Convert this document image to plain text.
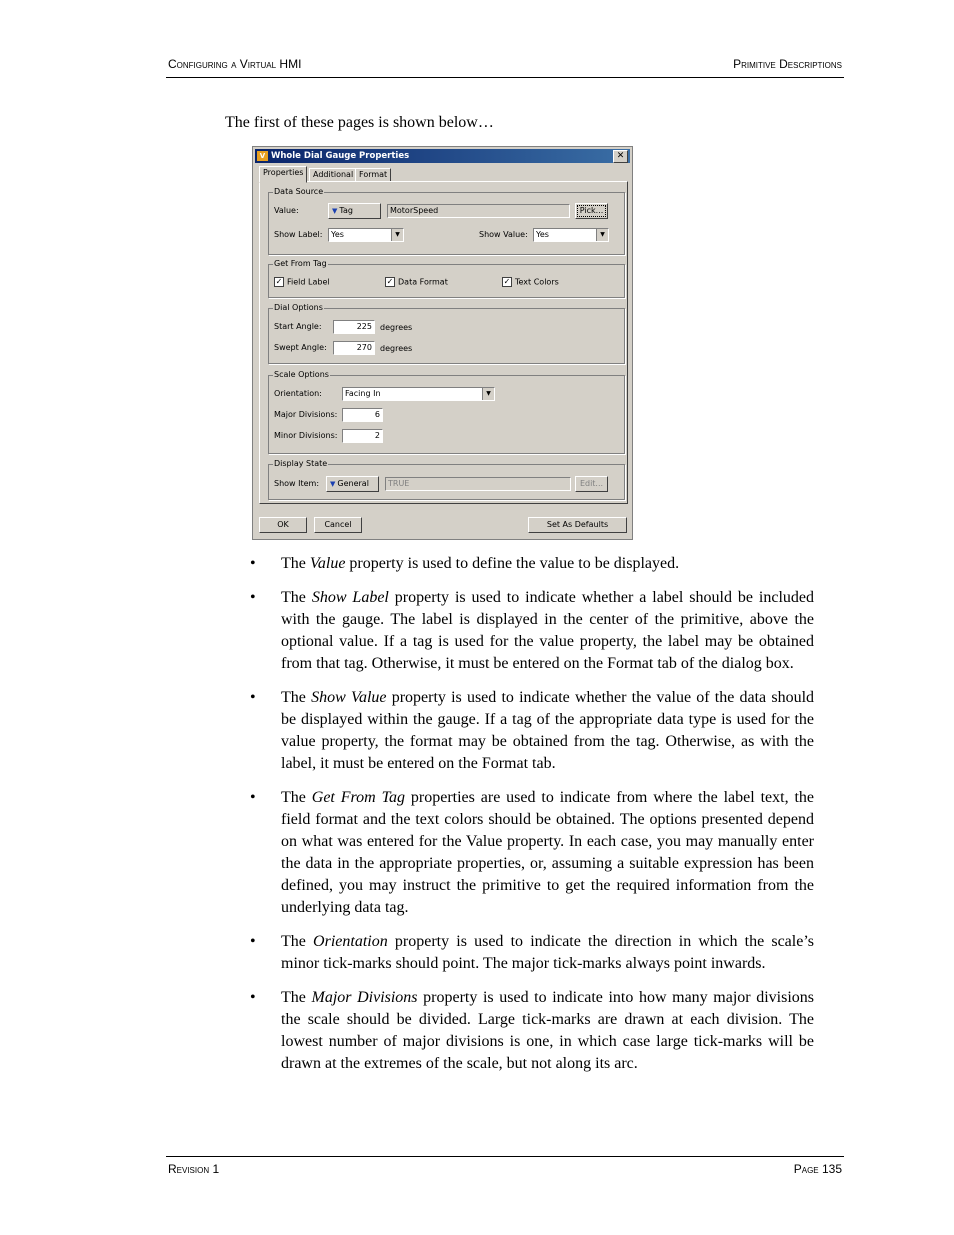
Configuring a Virtual HMI	Primitive Descriptions
The first of these pages is shown below…
V Whole Dial Gauge Properties	✕
Properties	Additional Format
Data Source
Value:	▼ Tag	MotorSpeed	Pick...
Show Label:	Yes	▼	Show Value:	Yes	▼
Get From Tag
✓ Field Label	✓ Data Format	✓ Text Colors
Dial Options
Start Angle:	225	degrees
Swept Angle:	270	degrees
Scale Options
Orientation:	Facing In	▼
Major Divisions:	6
Minor Divisions:	2
Display State
Show Item:	▼ General	TRUE	Edit...
OK	Cancel	Set As Defaults
• The Value property is used to define the value to be displayed.
• The Show Label property is used to indicate whether a label should be included with the gauge. The label is displayed in the center of the primitive, above the optional value. If a tag is used for the value property, the label may be obtained from that tag. Otherwise, it must be entered on the Format tab of the dialog box.
• The Show Value property is used to indicate whether the value of the data should be displayed within the gauge. If a tag of the appropriate data type is used for the value property, the format may be obtained from the tag. Otherwise, as with the label, it must be entered on the Format tab.
• The Get From Tag properties are used to indicate from where the label text, the field format and the text colors should be obtained. The options presented depend on what was entered for the Value property. In each case, you may manually enter the data in the appropriate properties, or, assuming a suitable expression has been defined, you may instruct the primitive to get the required information from the underlying data tag.
• The Orientation property is used to indicate the direction in which the scale’s minor tick-marks should point. The major tick-marks always point inwards.
• The Major Divisions property is used to indicate into how many major divisions the scale should be divided. Large tick-marks are drawn at each division. The lowest number of major divisions is one, in which case large tick-marks will be drawn at the extremes of the scale, but not along its arc.
Revision 1	Page 135
